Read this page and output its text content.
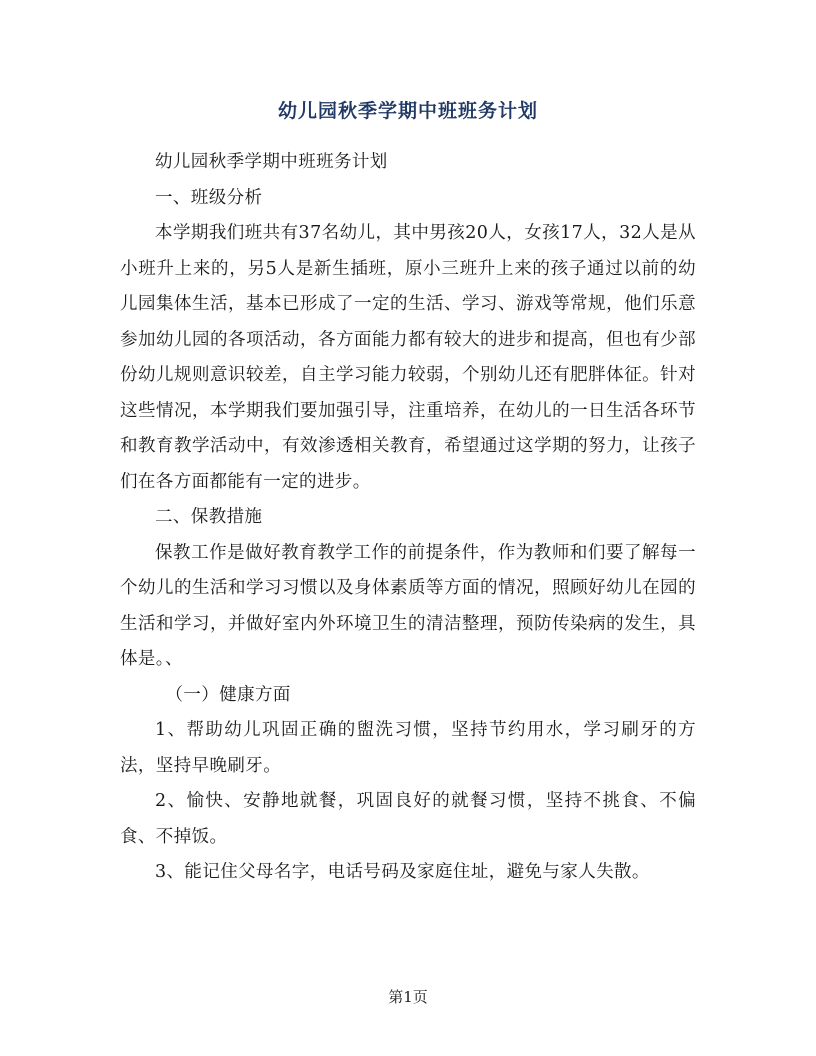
幼儿园秋季学期中班班务计划

幼儿园秋季学期中班班务计划

一、班级分析

本学期我们班共有37名幼儿，其中男孩20人，女孩17人，32人是从小班升上来的，另5人是新生插班，原小三班升上来的孩子通过以前的幼儿园集体生活，基本已形成了一定的生活、学习、游戏等常规，他们乐意参加幼儿园的各项活动，各方面能力都有较大的进步和提高，但也有少部份幼儿规则意识较差，自主学习能力较弱，个别幼儿还有肥胖体征。针对这些情况，本学期我们要加强引导，注重培养，在幼儿的一日生活各环节和教育教学活动中，有效渗透相关教育，希望通过这学期的努力，让孩子们在各方面都能有一定的进步。

二、保教措施

保教工作是做好教育教学工作的前提条件，作为教师和们要了解每一个幼儿的生活和学习习惯以及身体素质等方面的情况，照顾好幼儿在园的生活和学习，并做好室内外环境卫生的清洁整理，预防传染病的发生，具体是。、

（一）健康方面

1、帮助幼儿巩固正确的盥洗习惯，坚持节约用水，学习刷牙的方法，坚持早晚刷牙。

2、愉快、安静地就餐，巩固良好的就餐习惯，坚持不挑食、不偏食、不掉饭。

3、能记住父母名字，电话号码及家庭住址，避免与家人失散。

第1页
